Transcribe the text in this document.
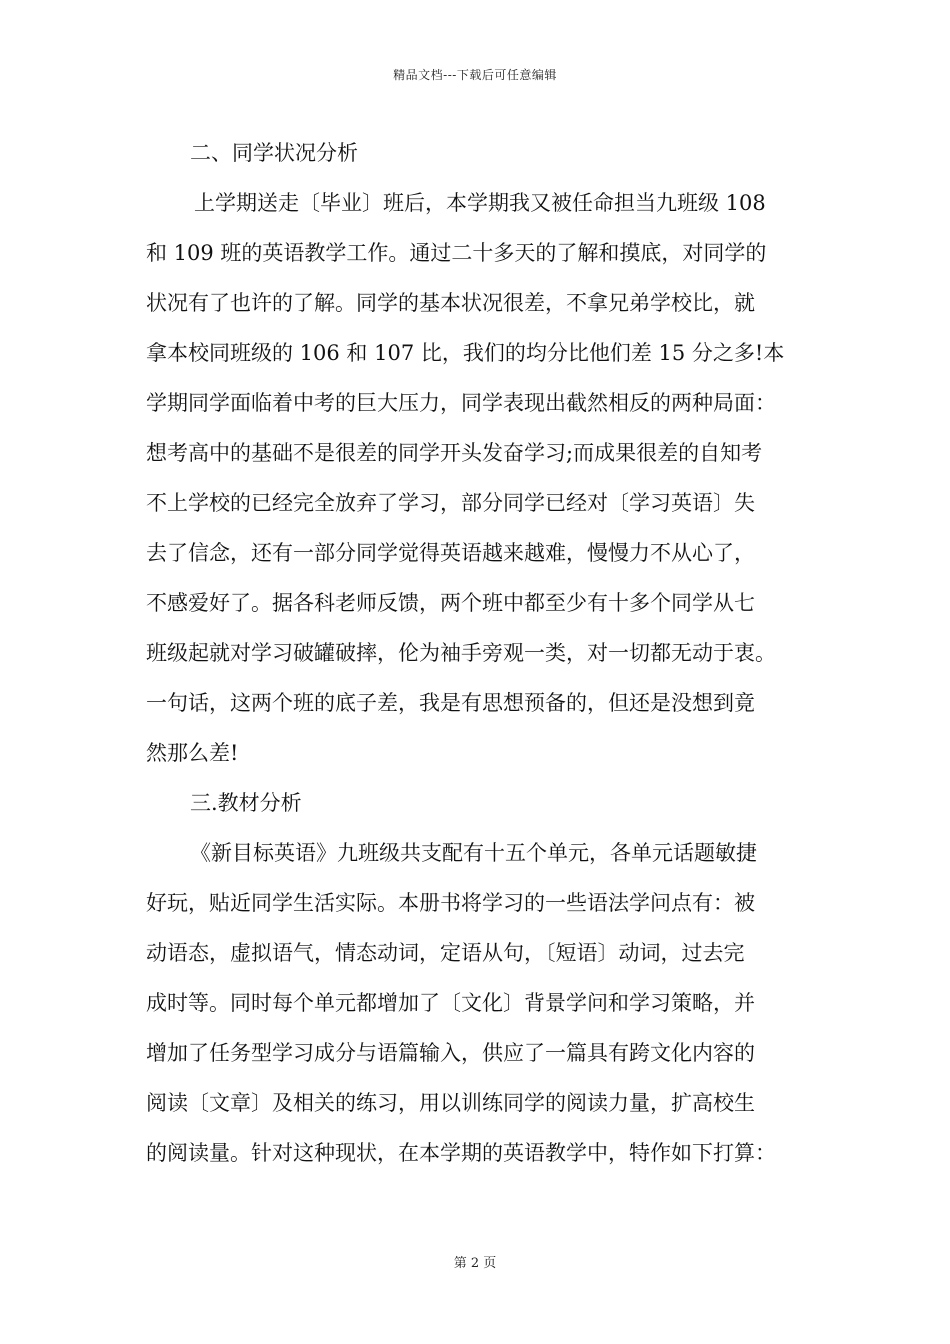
精品文档---下载后可任意编辑
二、同学状况分析
上学期送走〔毕业〕班后，本学期我又被任命担当九班级 108
和 109 班的英语教学工作。通过二十多天的了解和摸底，对同学的
状况有了也许的了解。同学的基本状况很差，不拿兄弟学校比，就
拿本校同班级的 106 和 107 比，我们的均分比他们差 15 分之多!本
学期同学面临着中考的巨大压力，同学表现出截然相反的两种局面：
想考高中的基础不是很差的同学开头发奋学习;而成果很差的自知考
不上学校的已经完全放弃了学习，部分同学已经对〔学习英语〕失
去了信念，还有一部分同学觉得英语越来越难，慢慢力不从心了，
不感爱好了。据各科老师反馈，两个班中都至少有十多个同学从七
班级起就对学习破罐破摔，伦为袖手旁观一类，对一切都无动于衷。
一句话，这两个班的底子差，我是有思想预备的，但还是没想到竟
然那么差!
三.教材分析
《新目标英语》九班级共支配有十五个单元，各单元话题敏捷
好玩，贴近同学生活实际。本册书将学习的一些语法学问点有：被
动语态，虚拟语气，情态动词，定语从句，〔短语〕动词，过去完
成时等。同时每个单元都增加了〔文化〕背景学问和学习策略，并
增加了任务型学习成分与语篇输入，供应了一篇具有跨文化内容的
阅读〔文章〕及相关的练习，用以训练同学的阅读力量，扩高校生
的阅读量。针对这种现状，在本学期的英语教学中，特作如下打算：
第 2 页
